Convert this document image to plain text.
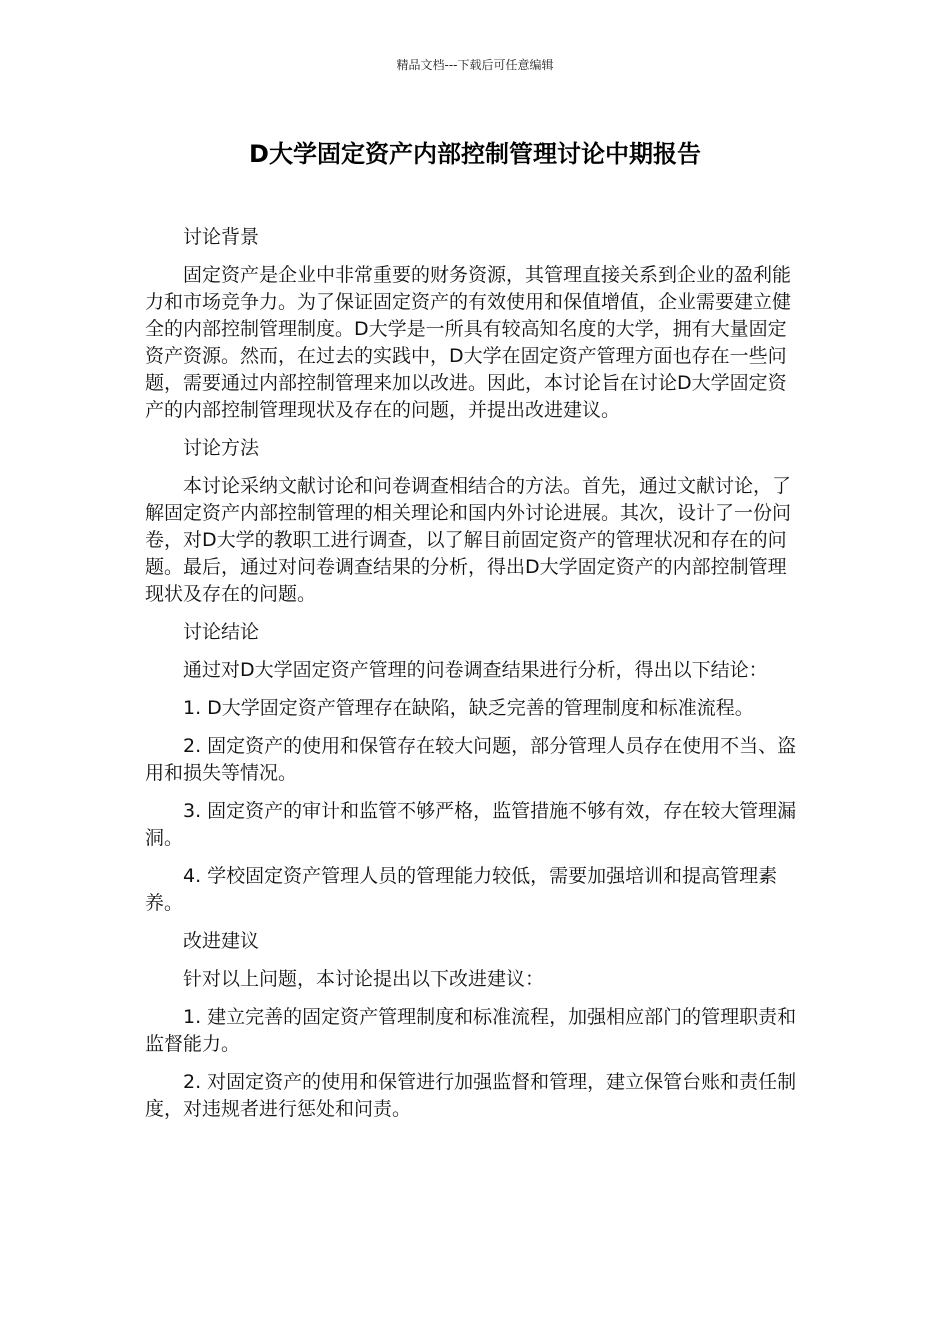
精品文档---下载后可任意编辑
D大学固定资产内部控制管理讨论中期报告

讨论背景

固定资产是企业中非常重要的财务资源，其管理直接关系到企业的盈利能力和市场竞争力。为了保证固定资产的有效使用和保值增值，企业需要建立健全的内部控制管理制度。D大学是一所具有较高知名度的大学，拥有大量固定资产资源。然而，在过去的实践中，D大学在固定资产管理方面也存在一些问题，需要通过内部控制管理来加以改进。因此，本讨论旨在讨论D大学固定资产的内部控制管理现状及存在的问题，并提出改进建议。

讨论方法

本讨论采纳文献讨论和问卷调查相结合的方法。首先，通过文献讨论，了解固定资产内部控制管理的相关理论和国内外讨论进展。其次，设计了一份问卷，对D大学的教职工进行调查，以了解目前固定资产的管理状况和存在的问题。最后，通过对问卷调查结果的分析，得出D大学固定资产的内部控制管理现状及存在的问题。

讨论结论

通过对D大学固定资产管理的问卷调查结果进行分析，得出以下结论：

1. D大学固定资产管理存在缺陷，缺乏完善的管理制度和标准流程。

2. 固定资产的使用和保管存在较大问题，部分管理人员存在使用不当、盗用和损失等情况。

3. 固定资产的审计和监管不够严格，监管措施不够有效，存在较大管理漏洞。

4. 学校固定资产管理人员的管理能力较低，需要加强培训和提高管理素养。

改进建议

针对以上问题，本讨论提出以下改进建议：

1. 建立完善的固定资产管理制度和标准流程，加强相应部门的管理职责和监督能力。

2. 对固定资产的使用和保管进行加强监督和管理，建立保管台账和责任制度，对违规者进行惩处和问责。
